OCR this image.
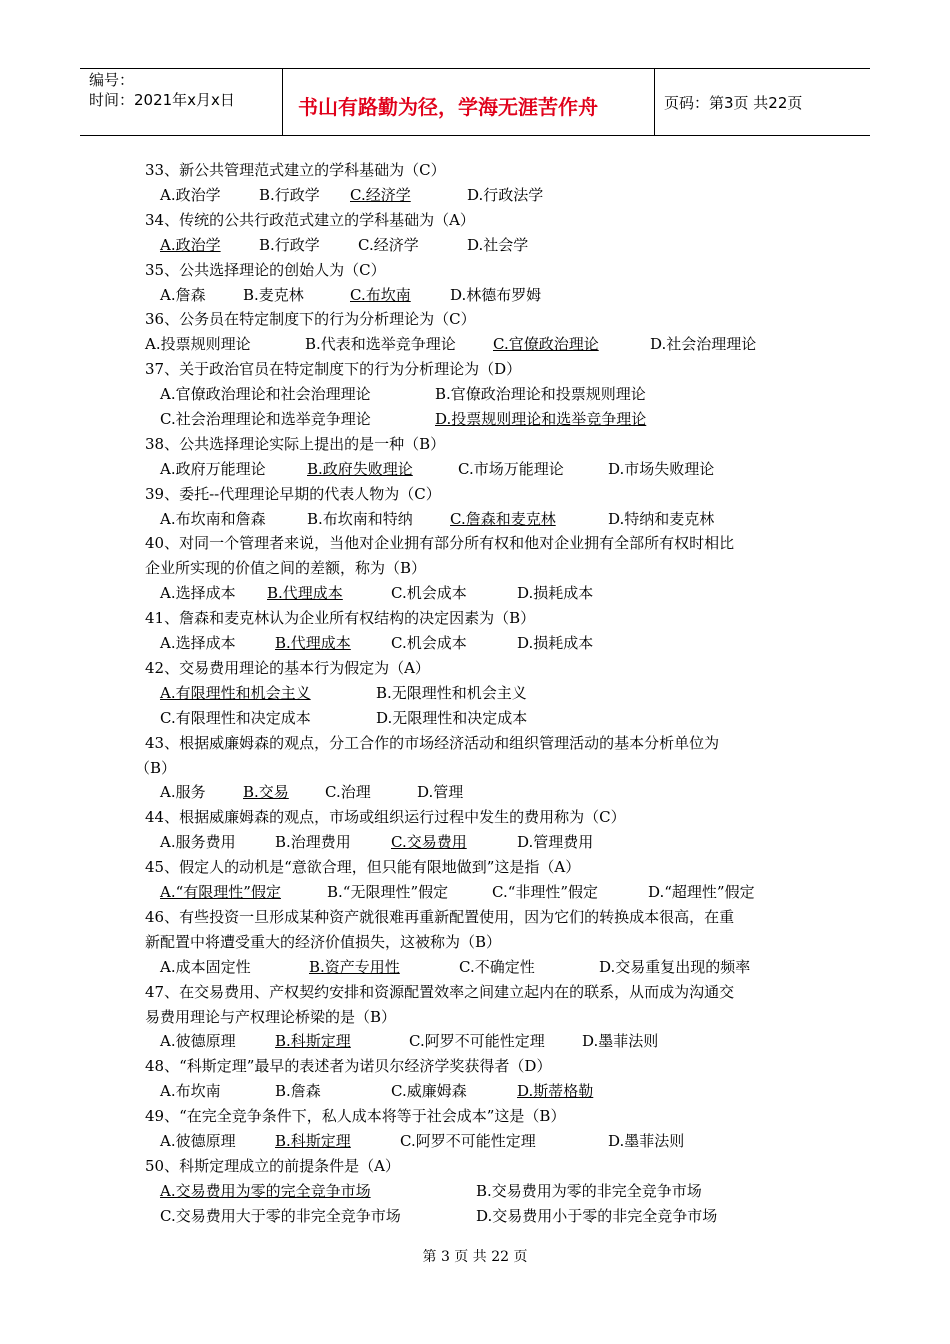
编号：
时间：2021年x月x日	书山有路勤为径，学海无涯苦作舟	页码：第3页 共22页
33、新公共管理范式建立的学科基础为（C）
A.政治学	B.行政学 C.经济学	D.行政法学
34、传统的公共行政范式建立的学科基础为（A）
A.政治学	B.行政学	C.经济学	D.社会学
35、公共选择理论的创始人为（C）
A.詹森 B.麦克林	C.布坎南	D.林德布罗姆
36、公务员在特定制度下的行为分析理论为（C）
A.投票规则理论	B.代表和选举竞争理论 C.官僚政治理论	D.社会治理理论
37、关于政治官员在特定制度下的行为分析理论为（D）
A.官僚政治理论和社会治理理论	B.官僚政治理论和投票规则理论
C.社会治理理论和选举竞争理论	D.投票规则理论和选举竞争理论
38、公共选择理论实际上提出的是一种（B）
A.政府万能理论	B.政府失败理论	C.市场万能理论	D.市场失败理论
39、委托--代理理论早期的代表人物为（C）
A.布坎南和詹森	B.布坎南和特纳 C.詹森和麦克林	D.特纳和麦克林
40、对同一个管理者来说，当他对企业拥有部分所有权和他对企业拥有全部所有权时相比
企业所实现的价值之间的差额，称为（B）
A.选择成本 B.代理成本	C.机会成本	D.损耗成本
41、詹森和麦克林认为企业所有权结构的决定因素为（B）
A.选择成本	B.代理成本	C.机会成本	D.损耗成本
42、交易费用理论的基本行为假定为（A）
A.有限理性和机会主义	B.无限理性和机会主义
C.有限理性和决定成本	D.无限理性和决定成本
43、根据威廉姆森的观点，分工合作的市场经济活动和组织管理活动的基本分析单位为
（B）
A.服务 B.交易 C.治理	D.管理
44、根据威廉姆森的观点，市场或组织运行过程中发生的费用称为（C）
A.服务费用	B.治理费用	C.交易费用	D.管理费用
45、假定人的动机是“意欲合理，但只能有限地做到”这是指（A）
A.“有限理性”假定	B.“无限理性”假定	C.“非理性”假定	D.“超理性”假定
46、有些投资一旦形成某种资产就很难再重新配置使用，因为它们的转换成本很高，在重
新配置中将遭受重大的经济价值损失，这被称为（B）
A.成本固定性	B.资产专用性	C.不确定性	D.交易重复出现的频率
47、在交易费用、产权契约安排和资源配置效率之间建立起内在的联系，从而成为沟通交
易费用理论与产权理论桥梁的是（B）
A.彼德原理	B.科斯定理	C.阿罗不可能性定理 D.墨菲法则
48、“科斯定理”最早的表述者为诺贝尔经济学奖获得者（D）
A.布坎南	B.詹森	C.威廉姆森	D.斯蒂格勒
49、“在完全竞争条件下，私人成本将等于社会成本”这是（B）
A.彼德原理	B.科斯定理	C.阿罗不可能性定理	D.墨菲法则
50、科斯定理成立的前提条件是（A）
A.交易费用为零的完全竞争市场	B.交易费用为零的非完全竞争市场
C.交易费用大于零的非完全竞争市场	D.交易费用小于零的非完全竞争市场
第 3 页 共 22 页
